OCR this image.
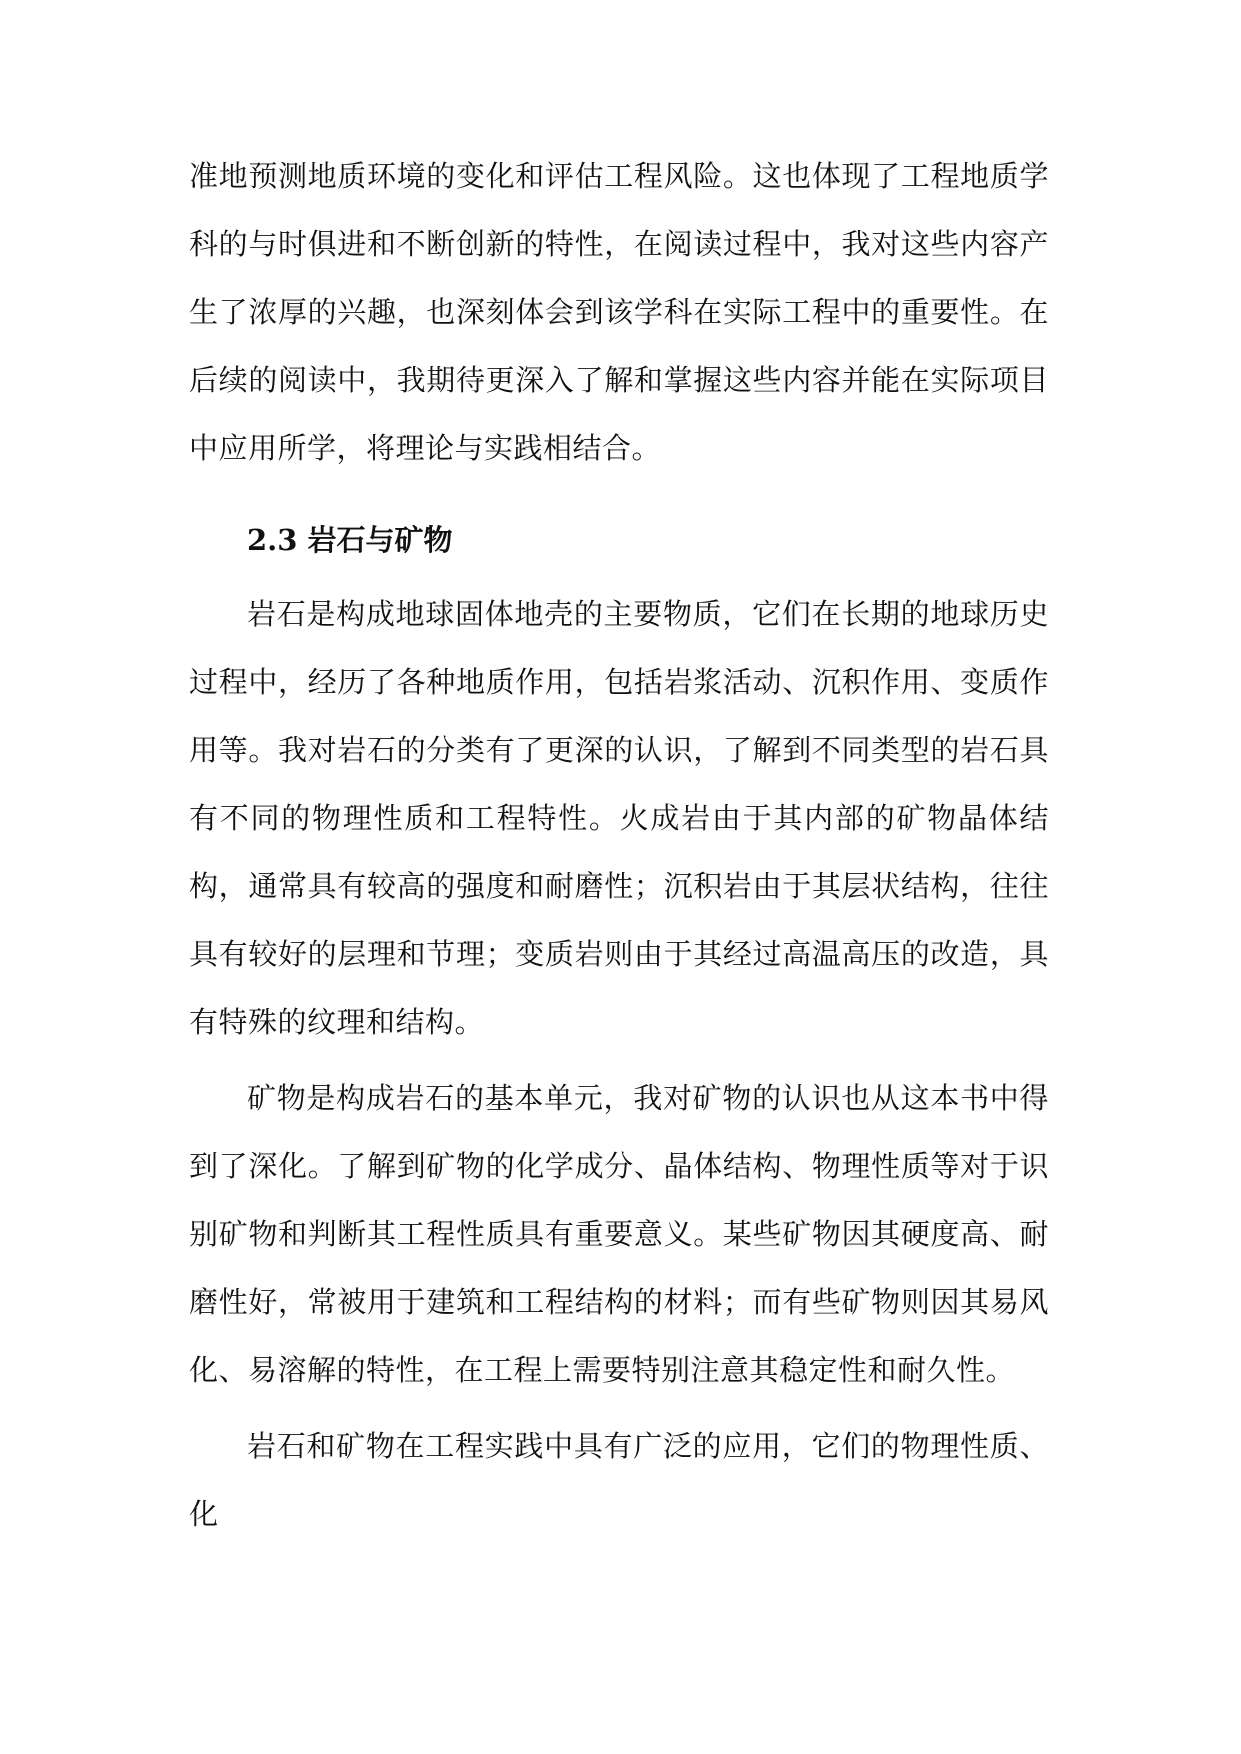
准地预测地质环境的变化和评估工程风险。这也体现了工程地质学科的与时俱进和不断创新的特性，在阅读过程中，我对这些内容产生了浓厚的兴趣，也深刻体会到该学科在实际工程中的重要性。在后续的阅读中，我期待更深入了解和掌握这些内容并能在实际项目中应用所学，将理论与实践相结合。

2.3 岩石与矿物

岩石是构成地球固体地壳的主要物质，它们在长期的地球历史过程中，经历了各种地质作用，包括岩浆活动、沉积作用、变质作用等。我对岩石的分类有了更深的认识，了解到不同类型的岩石具有不同的物理性质和工程特性。火成岩由于其内部的矿物晶体结构，通常具有较高的强度和耐磨性；沉积岩由于其层状结构，往往具有较好的层理和节理；变质岩则由于其经过高温高压的改造，具有特殊的纹理和结构。

矿物是构成岩石的基本单元，我对矿物的认识也从这本书中得到了深化。了解到矿物的化学成分、晶体结构、物理性质等对于识别矿物和判断其工程性质具有重要意义。某些矿物因其硬度高、耐磨性好，常被用于建筑和工程结构的材料；而有些矿物则因其易风化、易溶解的特性，在工程上需要特别注意其稳定性和耐久性。

岩石和矿物在工程实践中具有广泛的应用，它们的物理性质、化
